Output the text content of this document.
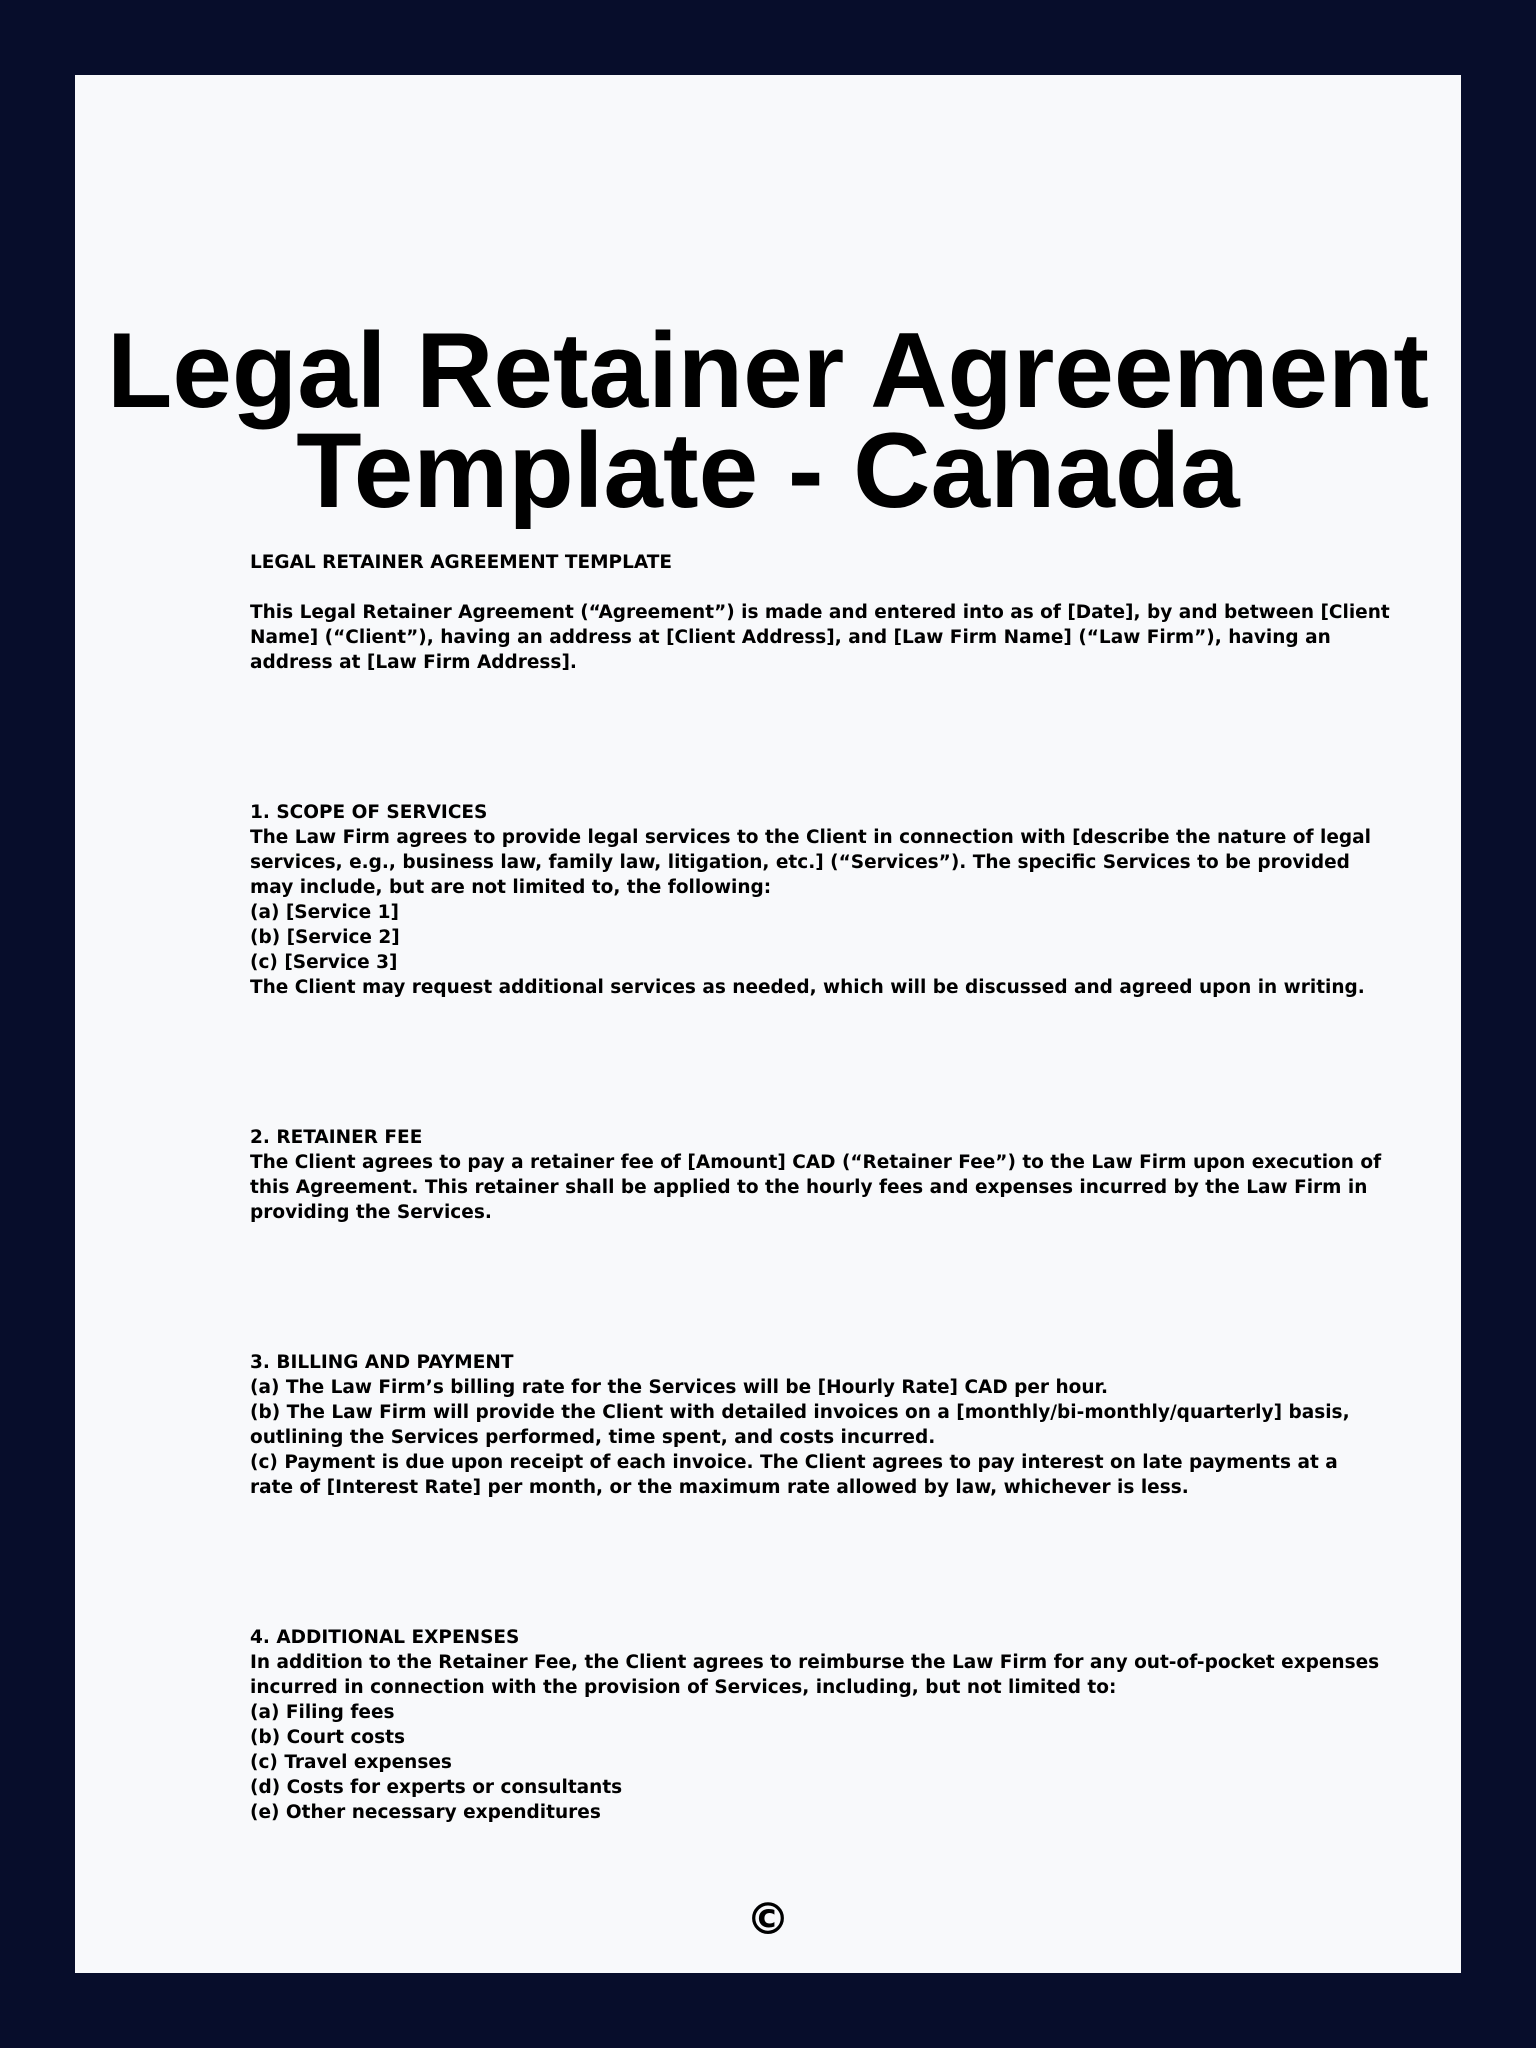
Legal Retainer Agreement
Template - Canada
LEGAL RETAINER AGREEMENT TEMPLATE
This Legal Retainer Agreement (“Agreement”) is made and entered into as of [Date], by and between [Client
Name] (“Client”), having an address at [Client Address], and [Law Firm Name] (“Law Firm”), having an
address at [Law Firm Address].
1. SCOPE OF SERVICES
The Law Firm agrees to provide legal services to the Client in connection with [describe the nature of legal
services, e.g., business law, family law, litigation, etc.] (“Services”). The specific Services to be provided
may include, but are not limited to, the following:
(a) [Service 1]
(b) [Service 2]
(c) [Service 3]
The Client may request additional services as needed, which will be discussed and agreed upon in writing.
2. RETAINER FEE
The Client agrees to pay a retainer fee of [Amount] CAD (“Retainer Fee”) to the Law Firm upon execution of
this Agreement. This retainer shall be applied to the hourly fees and expenses incurred by the Law Firm in
providing the Services.
3. BILLING AND PAYMENT
(a) The Law Firm’s billing rate for the Services will be [Hourly Rate] CAD per hour.
(b) The Law Firm will provide the Client with detailed invoices on a [monthly/bi-monthly/quarterly] basis,
outlining the Services performed, time spent, and costs incurred.
(c) Payment is due upon receipt of each invoice. The Client agrees to pay interest on late payments at a
rate of [Interest Rate] per month, or the maximum rate allowed by law, whichever is less.
4. ADDITIONAL EXPENSES
In addition to the Retainer Fee, the Client agrees to reimburse the Law Firm for any out-of-pocket expenses
incurred in connection with the provision of Services, including, but not limited to:
(a) Filing fees
(b) Court costs
(c) Travel expenses
(d) Costs for experts or consultants
(e) Other necessary expenditures
©
